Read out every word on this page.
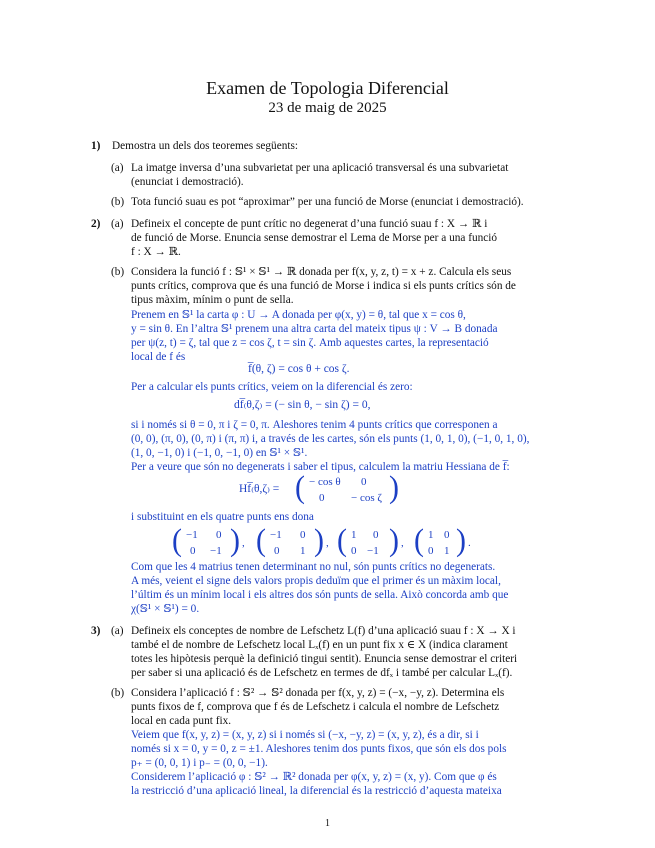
Examen de Topologia Diferencial
23 de maig de 2025
1) Demostra un dels dos teoremes següents:
(a) La imatge inversa d’una subvarietat per una aplicació transversal és una subvarietat
(enunciat i demostració).
(b) Tota funció suau es pot “aproximar” per una funció de Morse (enunciat i demostració).
2) (a) Defineix el concepte de punt crític no degenerat d’una funció suau f : X → ℝ i
de funció de Morse. Enuncia sense demostrar el Lema de Morse per a una funció
f : X → ℝ.
(b) Considera la funció f : 𝕊¹ × 𝕊¹ → ℝ donada per f(x, y, z, t) = x + z. Calcula els seus
punts crítics, comprova que és una funció de Morse i indica si els punts crítics són de
tipus màxim, mínim o punt de sella.
Prenem en 𝕊¹ la carta φ : U → A donada per φ(x, y) = θ, tal que x = cos θ,
y = sin θ. En l’altra 𝕊¹ prenem una altra carta del mateix tipus ψ : V → B donada
per ψ(z, t) = ζ, tal que z = cos ζ, t = sin ζ. Amb aquestes cartes, la representació
local de f és
f̅(θ, ζ) = cos θ + cos ζ.
Per a calcular els punts crítics, veiem on la diferencial és zero:
df̅₍θ,ζ₎ = (− sin θ, − sin ζ) = 0,
si i només si θ = 0, π i ζ = 0, π. Aleshores tenim 4 punts crítics que corresponen a
(0, 0), (π, 0), (0, π) i (π, π) i, a través de les cartes, són els punts (1, 0, 1, 0), (−1, 0, 1, 0),
(1, 0, −1, 0) i (−1, 0, −1, 0) en 𝕊¹ × 𝕊¹.
Per a veure que són no degenerats i saber el tipus, calculem la matriu Hessiana de f̅:
Hf̅₍θ,ζ₎ = ( − cos θ 0
0 − cos ζ )
i substituint en els quatre punts ens dona
( −1 0
0 −1 ) , ( −1 0
0 1 ) , ( 1 0
0 −1 ) , ( 1 0
0 1 ) .
Com que les 4 matrius tenen determinant no nul, són punts crítics no degenerats.
A més, veient el signe dels valors propis deduïm que el primer és un màxim local,
l’últim és un mínim local i els altres dos són punts de sella. Això concorda amb que
χ(𝕊¹ × 𝕊¹) = 0.
3) (a) Defineix els conceptes de nombre de Lefschetz L(f) d’una aplicació suau f : X → X i
també el de nombre de Lefschetz local Lₓ(f) en un punt fix x ∈ X (indica clarament
totes les hipòtesis perquè la definició tingui sentit). Enuncia sense demostrar el criteri
per saber si una aplicació és de Lefschetz en termes de dfₓ i també per calcular Lₓ(f).
(b) Considera l’aplicació f : 𝕊² → 𝕊² donada per f(x, y, z) = (−x, −y, z). Determina els
punts fixos de f, comprova que f és de Lefschetz i calcula el nombre de Lefschetz
local en cada punt fix.
Veiem que f(x, y, z) = (x, y, z) si i només si (−x, −y, z) = (x, y, z), és a dir, si i
només si x = 0, y = 0, z = ±1. Aleshores tenim dos punts fixos, que són els dos pols
p₊ = (0, 0, 1) i p₋ = (0, 0, −1).
Considerem l’aplicació φ : 𝕊² → ℝ² donada per φ(x, y, z) = (x, y). Com que φ és
la restricció d’una aplicació lineal, la diferencial és la restricció d’aquesta mateixa
1
